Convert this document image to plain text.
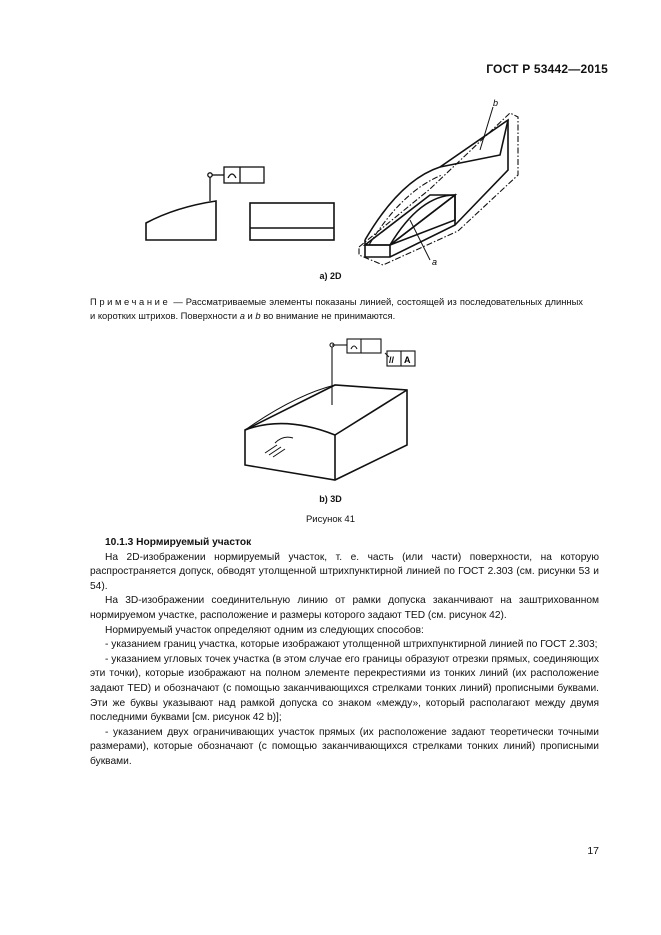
ГОСТ Р 53442—2015
b
a
a) 2D
Примечание — Рассматриваемые элементы показаны линией, состоящей из последовательных длинных и коротких штрихов. Поверхности a и b во внимание не принимаются.
// A
b) 3D
Рисунок 41

10.1.3 Нормируемый участок

На 2D-изображении нормируемый участок, т. е. часть (или части) поверхности, на которую распространяется допуск, обводят утолщенной штрихпунктирной линией по ГОСТ 2.303 (см. рисунки 53 и 54).

На 3D-изображении соединительную линию от рамки допуска заканчивают на заштрихованном нормируемом участке, расположение и размеры которого задают TED (см. рисунок 42).

Нормируемый участок определяют одним из следующих способов:

- указанием границ участка, которые изображают утолщенной штрихпунктирной линией по ГОСТ 2.303;

- указанием угловых точек участка (в этом случае его границы образуют отрезки прямых, соединяющих эти точки), которые изображают на полном элементе перекрестиями из тонких линий (их расположение задают TED) и обозначают (с помощью заканчивающихся стрелками тонких линий) прописными буквами. Эти же буквы указывают над рамкой допуска со знаком «между», который располагают между двумя последними буквами [см. рисунок 42 b)];

- указанием двух ограничивающих участок прямых (их расположение задают теоретически точными размерами), которые обозначают (с помощью заканчивающихся стрелками тонких линий) прописными буквами.

17
